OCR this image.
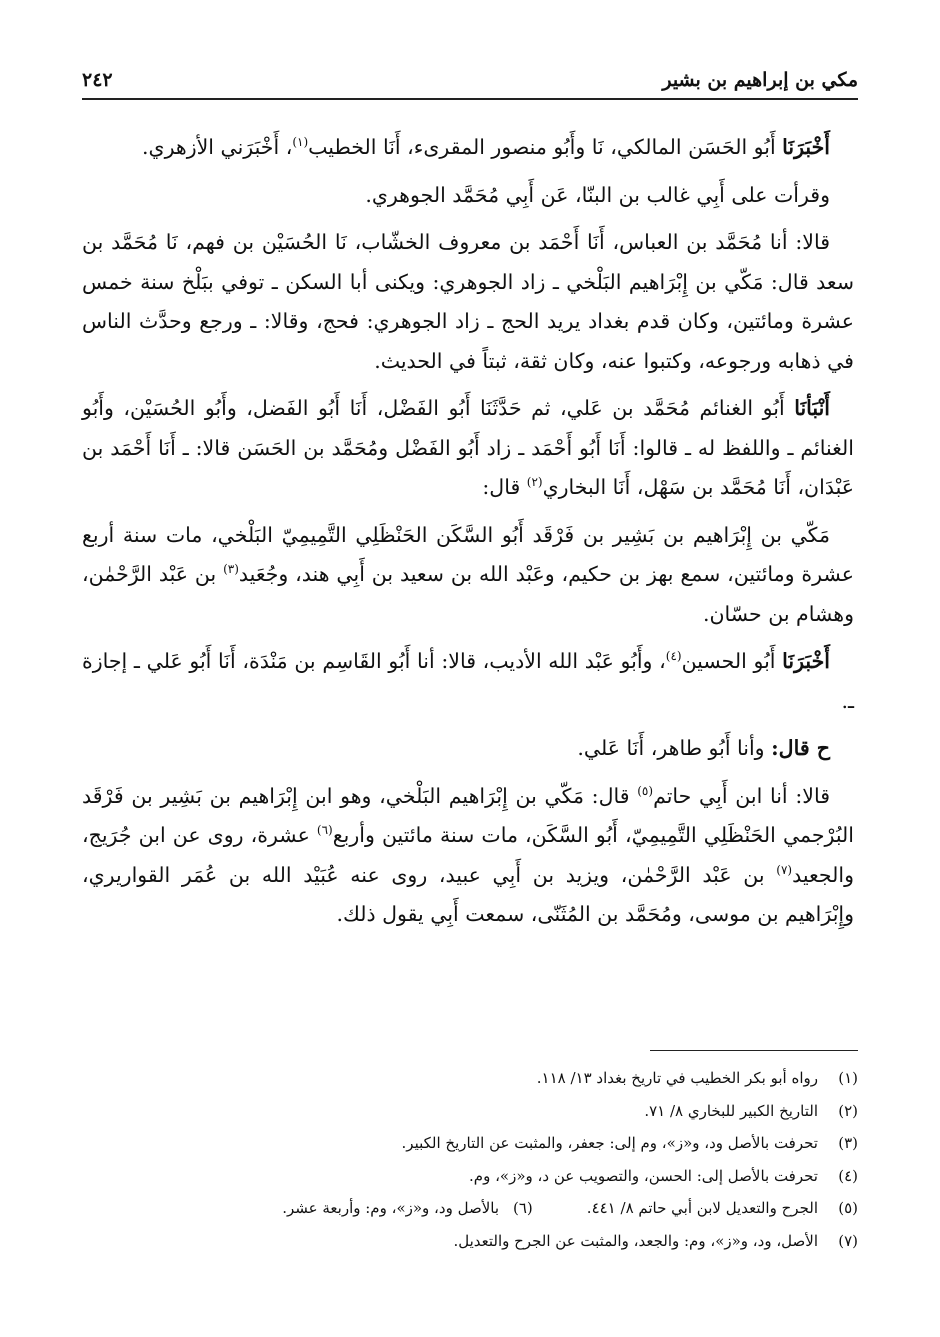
مكي بن إبراهيم بن بشير
٢٤٢

أَخْبَرَنَا أَبُو الحَسَن المالكي، نَا وأَبُو منصور المقرىء، أَنَا الخطيب$^{(١)}$، أَخْبَرَني الأزهري.

وقرأت على أَبِي غالب بن البنّا، عَن أَبِي مُحَمَّد الجوهري.

قالا: أنا مُحَمَّد بن العباس، أَنَا أَحْمَد بن معروف الخشّاب، نَا الحُسَيْن بن فهم، نَا مُحَمَّد بن سعد قال: مَكّي بن إِبْرَاهيم البَلْخي ـ زاد الجوهري: ويكنى أبا السكن ـ توفي ببَلْخ سنة خمس عشرة ومائتين، وكان قدم بغداد يريد الحج ـ زاد الجوهري: فحج، وقالا: ـ ورجع وحدَّث الناس في ذهابه ورجوعه، وكتبوا عنه، وكان ثقة، ثبتاً في الحديث.

أَنْبَأنَا أَبُو الغنائم مُحَمَّد بن عَلي، ثم حَدَّثَنَا أَبُو الفَضْل، أَنَا أَبُو الفَضل، وأَبُو الحُسَيْن، وأَبُو الغنائم ـ واللفظ له ـ قالوا: أَنَا أَبُو أَحْمَد ـ زاد أَبُو الفَضْل ومُحَمَّد بن الحَسَن قالا: ـ أَنَا أَحْمَد بن عَبْدَان، أَنَا مُحَمَّد بن سَهْل، أَنَا البخاري$^{(٢)}$ قال:

مَكّي بن إِبْرَاهيم بن بَشِير بن فَرْقَد أَبُو السَّكَن الحَنْظَلِي التَّمِيمِيّ البَلْخي، مات سنة أربع عشرة ومائتين، سمع بهز بن حكيم، وعَبْد الله بن سعيد بن أَبِي هند، وجُعَيد$^{(٣)}$ بن عَبْد الرَّحْمٰن، وهشام بن حسّان.

أَخْبَرَنَا أَبُو الحسين$^{(٤)}$، وأَبُو عَبْد الله الأديب، قالا: أنا أَبُو القَاسِم بن مَنْدَة، أَنَا أَبُو عَلي ـ إجازة ـ.

ح قال: وأنا أَبُو طاهر، أَنَا عَلي.

قالا: أنا ابن أَبِي حاتم$^{(٥)}$ قال: مَكّي بن إِبْرَاهيم البَلْخي، وهو ابن إِبْرَاهيم بن بَشِير بن فَرْقَد البُرْجمي الحَنْظَلِي التَّمِيمِيّ، أَبُو السَّكَن، مات سنة مائتين وأربع$^{(٦)}$ عشرة، روى عن ابن جُرَيج، والجعيد$^{(٧)}$ بن عَبْد الرَّحْمٰن، ويزيد بن أَبِي عبيد، روى عنه عُبَيْد الله بن عُمَر القواريري، وإِبْرَاهيم بن موسى، ومُحَمَّد بن المُثَنّى، سمعت أَبِي يقول ذلك.

(١)
رواه أبو بكر الخطيب في تاريخ بغداد ١٣/ ١١٨.
(٢)
التاريخ الكبير للبخاري ٨/ ٧١.
(٣)
تحرفت بالأصل ود، و«ز»، وم إلى: جعفر، والمثبت عن التاريخ الكبير.
(٤)
تحرفت بالأصل إلى: الحسن، والتصويب عن د، و«ز»، وم.
(٥)
الجرح والتعديل لابن أبي حاتم ٨/ ٤٤١.
(٦)
بالأصل ود، و«ز»، وم: وأربعة عشر.
(٧)
الأصل، ود، و«ز»، وم: والجعد، والمثبت عن الجرح والتعديل.
